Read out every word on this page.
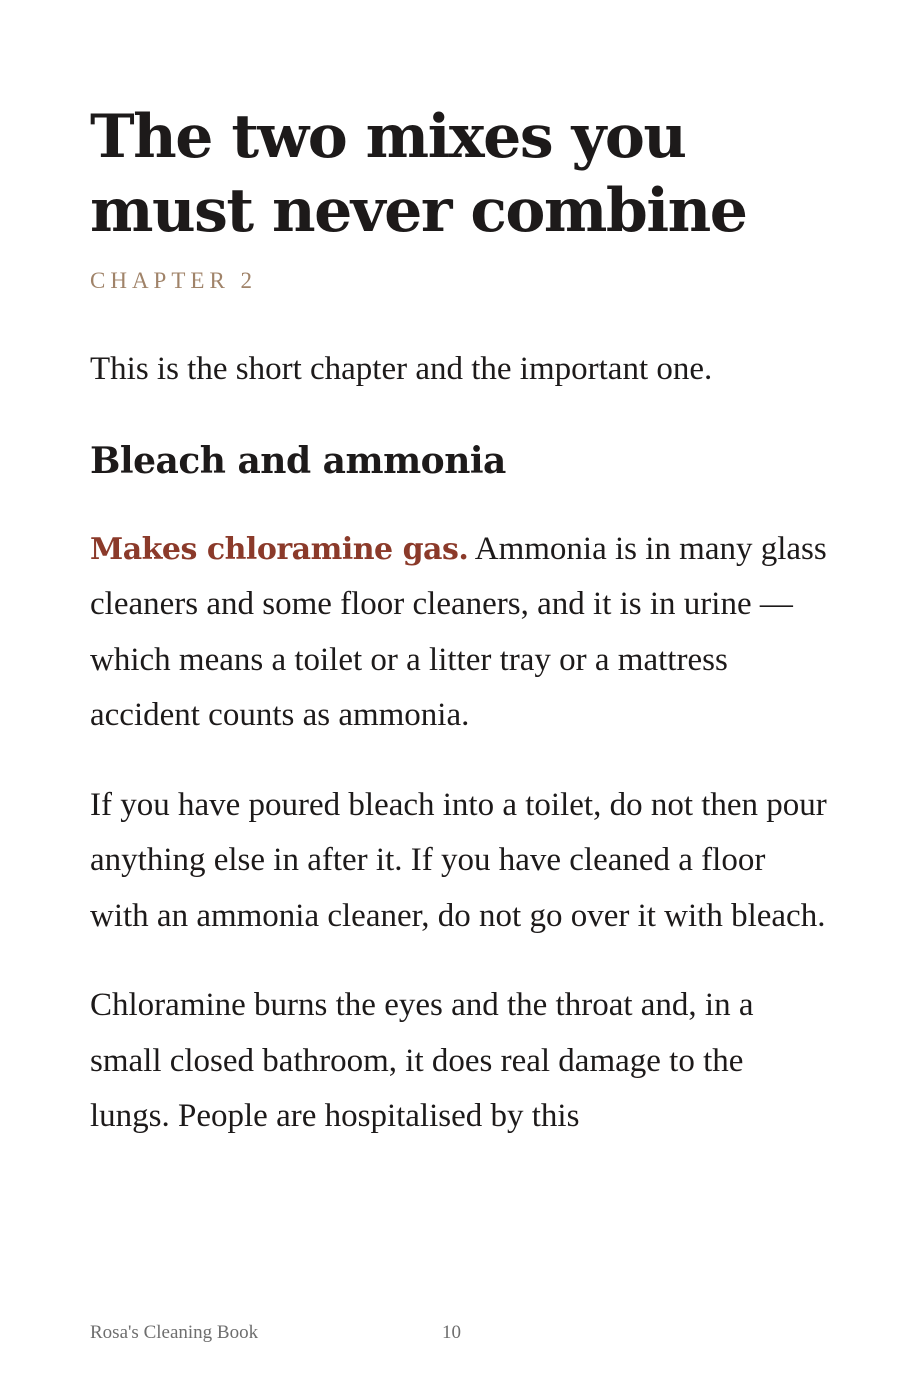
The two mixes you
must never combine
CHAPTER 2

This is the short chapter and the important one.

Bleach and ammonia

Makes chloramine gas. Ammonia is in many glass cleaners and some floor cleaners, and it is in urine — which means a toilet or a litter tray or a mattress accident counts as ammonia.

If you have poured bleach into a toilet, do not then pour anything else in after it. If you have cleaned a floor with an ammonia cleaner, do not go over it with bleach.

Chloramine burns the eyes and the throat and, in a small closed bathroom, it does real damage to the lungs. People are hospitalised by this

Rosa's Cleaning Book	10
